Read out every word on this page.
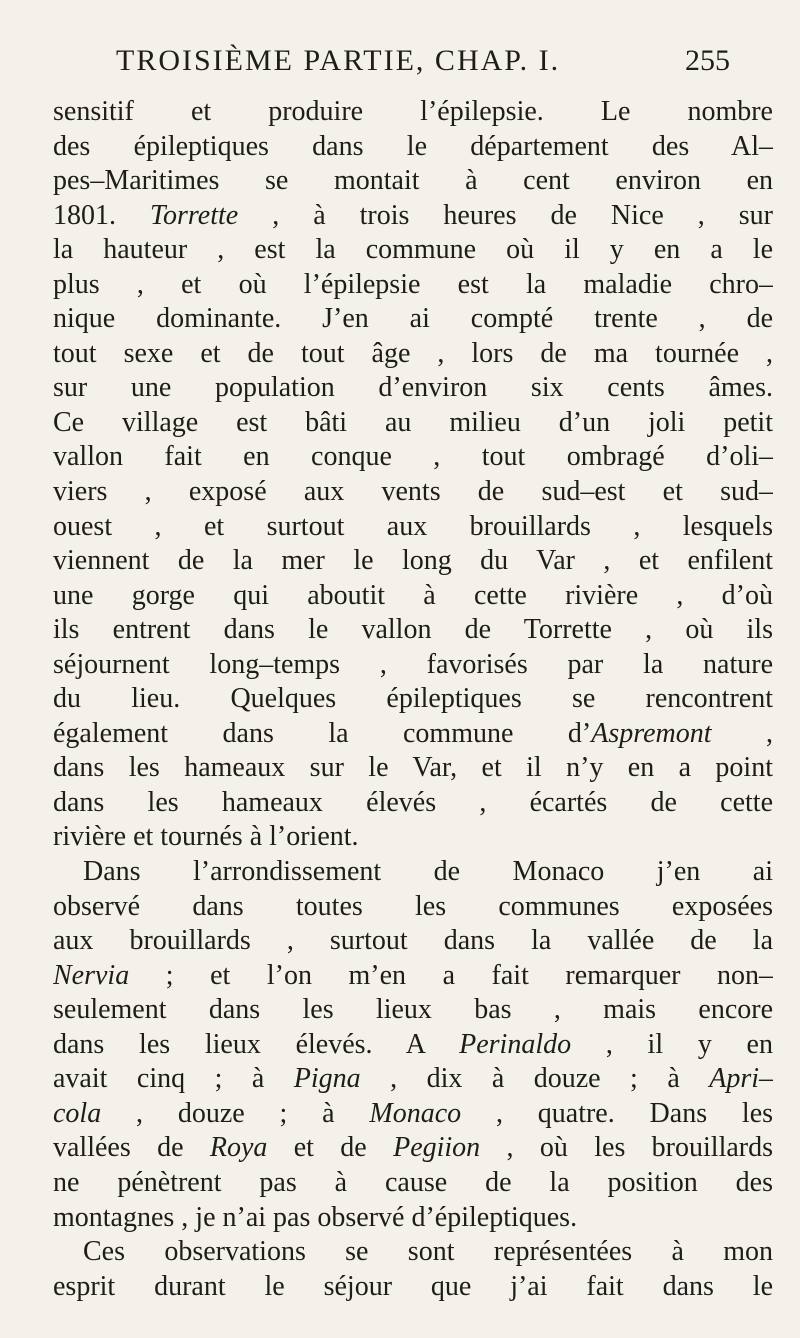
TROISIÈME PARTIE, CHAP. I.	255
sensitif et produire l’épilepsie. Le nombre
des épileptiques dans le département des Al–
pes–Maritimes se montait à cent environ en
1801. Torrette , à trois heures de Nice , sur
la hauteur , est la commune où il y en a le
plus , et où l’épilepsie est la maladie chro–
nique dominante. J’en ai compté trente , de
tout sexe et de tout âge , lors de ma tournée ,
sur une population d’environ six cents âmes.
Ce village est bâti au milieu d’un joli petit
vallon fait en conque , tout ombragé d’oli–
viers , exposé aux vents de sud–est et sud–
ouest , et surtout aux brouillards , lesquels
viennent de la mer le long du Var , et enfilent
une gorge qui aboutit à cette rivière , d’où
ils entrent dans le vallon de Torrette , où ils
séjournent long–temps , favorisés par la nature
du lieu. Quelques épileptiques se rencontrent
également dans la commune d’Aspremont ,
dans les hameaux sur le Var, et il n’y en a point
dans les hameaux élevés , écartés de cette
rivière et tournés à l’orient.
Dans l’arrondissement de Monaco j’en ai
observé dans toutes les communes exposées
aux brouillards , surtout dans la vallée de la
Nervia ; et l’on m’en a fait remarquer non–
seulement dans les lieux bas , mais encore
dans les lieux élevés. A Perinaldo , il y en
avait cinq ; à Pigna , dix à douze ; à Apri–
cola , douze ; à Monaco , quatre. Dans les
vallées de Roya et de Pegiion , où les brouillards
ne pénètrent pas à cause de la position des
montagnes , je n’ai pas observé d’épileptiques.
Ces observations se sont représentées à mon
esprit durant le séjour que j’ai fait dans le
